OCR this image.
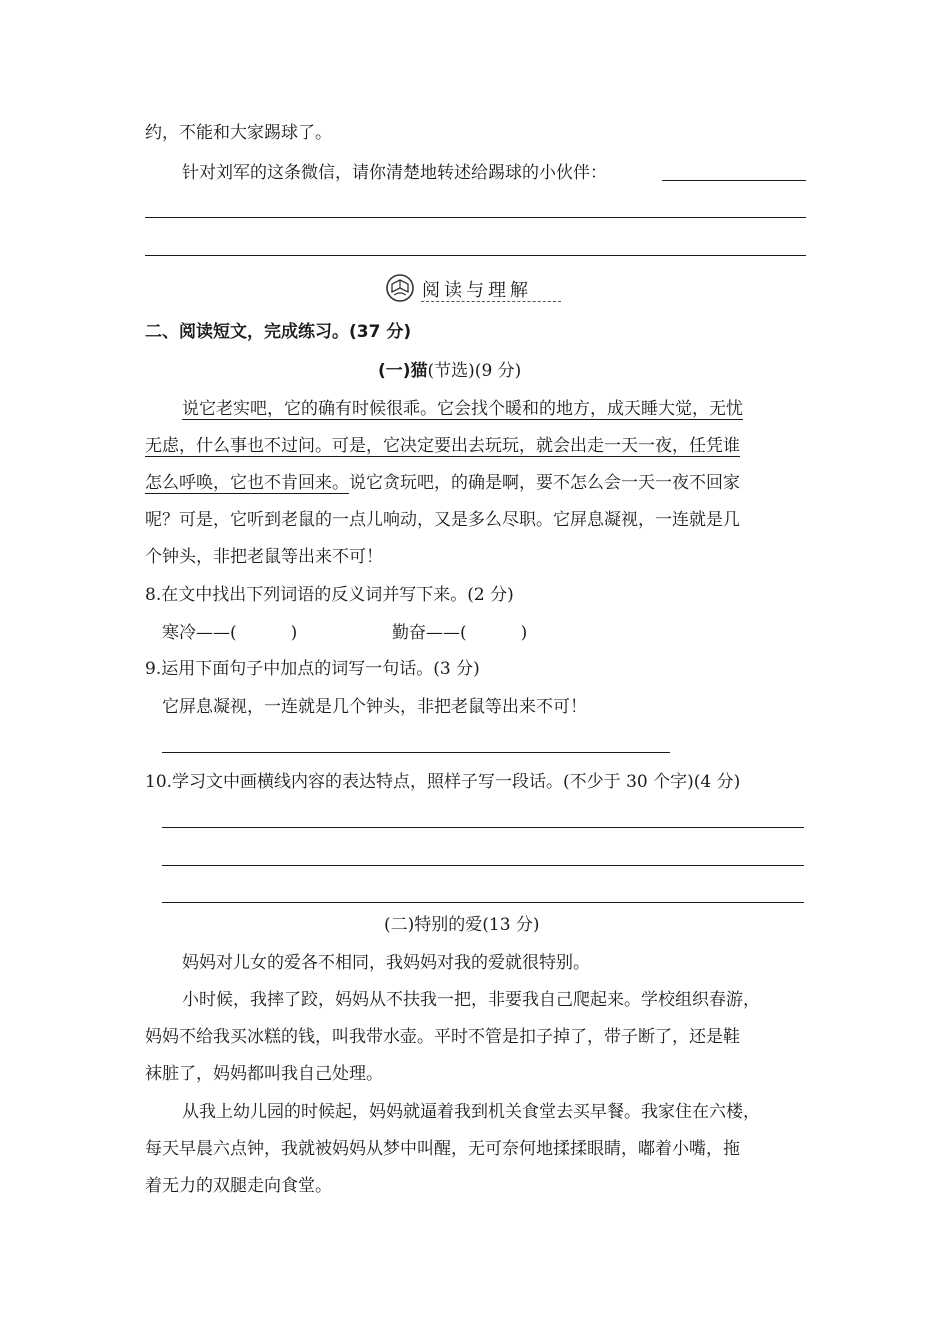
约，不能和大家踢球了。
针对刘军的这条微信，请你清楚地转述给踢球的小伙伴：
阅读与理解
二、阅读短文，完成练习。(37 分)
(一)猫(节选)(9 分)
说它老实吧，它的确有时候很乖。它会找个暖和的地方，成天睡大觉，无忧
无虑，什么事也不过问。可是，它决定要出去玩玩，就会出走一天一夜，任凭谁
怎么呼唤，它也不肯回来。说它贪玩吧，的确是啊，要不怎么会一天一夜不回家
呢？可是，它听到老鼠的一点儿响动，又是多么尽职。它屏息凝视，一连就是几
个钟头，非把老鼠等出来不可！
8.在文中找出下列词语的反义词并写下来。(2 分)
寒冷——(	)	勤奋——(	)
9.运用下面句子中加点的词写一句话。(3 分)
它屏息凝视，一连就是几个钟头，非把老鼠等出来不可！
10.学习文中画横线内容的表达特点，照样子写一段话。(不少于 30 个字)(4 分)
(二)特别的爱(13 分)
妈妈对儿女的爱各不相同，我妈妈对我的爱就很特别。
小时候，我摔了跤，妈妈从不扶我一把，非要我自己爬起来。学校组织春游，
妈妈不给我买冰糕的钱，叫我带水壶。平时不管是扣子掉了，带子断了，还是鞋
袜脏了，妈妈都叫我自己处理。
从我上幼儿园的时候起，妈妈就逼着我到机关食堂去买早餐。我家住在六楼，
每天早晨六点钟，我就被妈妈从梦中叫醒，无可奈何地揉揉眼睛，嘟着小嘴，拖
着无力的双腿走向食堂。
